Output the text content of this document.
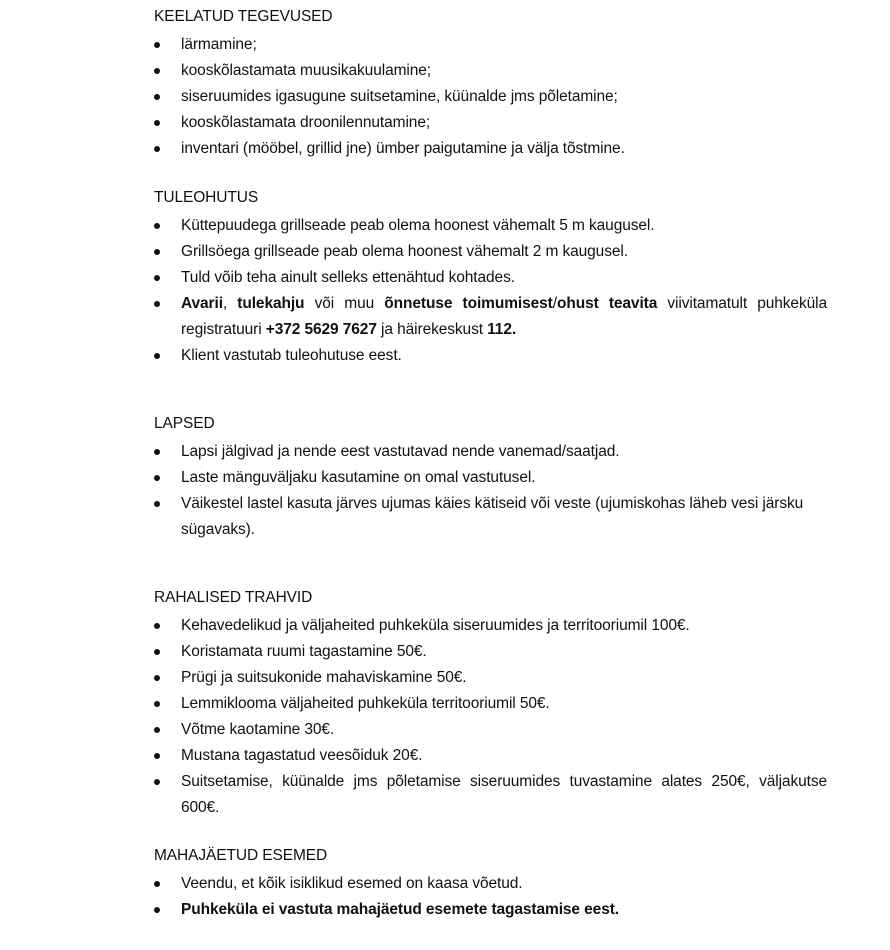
KEELATUD TEGEVUSED
lärmamine;
kooskõlastamata muusikakuulamine;
siseruumides igasugune suitsetamine, küünalde jms põletamine;
kooskõlastamata droonilennutamine;
inventari (mööbel, grillid jne) ümber paigutamine ja välja tõstmine.
TULEOHUTUS
Küttepuudega grillseade peab olema hoonest vähemalt 5 m kaugusel.
Grillsöega grillseade peab olema hoonest vähemalt 2 m kaugusel.
Tuld võib teha ainult selleks ettenähtud kohtades.
Avarii, tulekahju või muu õnnetuse toimumisest/ohust teavita viivitamatult puhkeküla registratuuri +372 5629 7627 ja häirekeskust 112.
Klient vastutab tuleohutuse eest.
LAPSED
Lapsi jälgivad ja nende eest vastutavad nende vanemad/saatjad.
Laste mänguväljaku kasutamine on omal vastutusel.
Väikestel lastel kasuta järves ujumas käies kätiseid või veste (ujumiskohas läheb vesi järsku sügavaks).
RAHALISED TRAHVID
Kehavedelikud ja väljaheited puhkeküla siseruumides ja territooriumil 100€.
Koristamata ruumi tagastamine 50€.
Prügi ja suitsukonide mahaviskamine 50€.
Lemmiklooma väljaheited puhkeküla territooriumil 50€.
Võtme kaotamine 30€.
Mustana tagastatud veesõiduk 20€.
Suitsetamise, küünalde jms põletamise siseruumides tuvastamine alates 250€, väljakutse 600€.
MAHAJÄETUD ESEMED
Veendu, et kõik isiklikud esemed on kaasa võetud.
Puhkeküla ei vastuta mahajäetud esemete tagastamise eest.
